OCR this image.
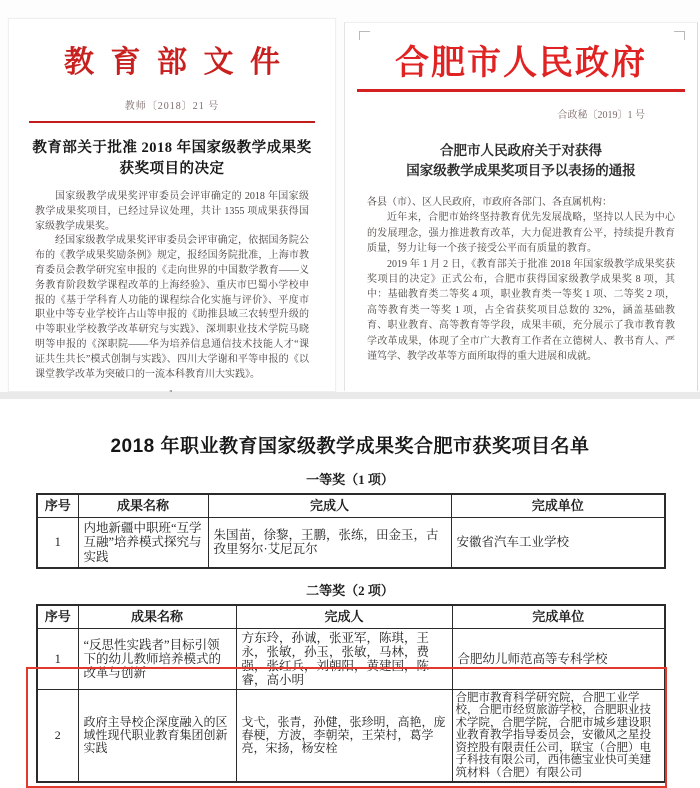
教育部文件
教师〔2018〕21 号
教育部关于批准 2018 年国家级教学成果奖
获奖项目的决定

国家级教学成果奖评审委员会评审确定的 2018 年国家级教学成果奖项目，已经过异议处理，共计 1355 项成果获得国家级教学成果奖。

经国家级教学成果奖评审委员会评审确定，依据国务院公布的《教学成果奖励条例》规定，报经国务院批准，上海市教育委员会教学研究室申报的《走向世界的中国数学教育——义务教育阶段数学课程改革的上海经验》、重庆市巴蜀小学校申报的《基于学科育人功能的课程综合化实施与评价》、平度市职业中等专业学校许占山等申报的《助推县域三农转型升级的中等职业学校教学改革研究与实践》、深圳职业技术学院马晓明等申报的《深职院——华为培养信息通信技术技能人才“课证共生共长”模式创制与实践》、四川大学谢和平等申报的《以课堂教学改革为突破口的一流本科教育川大实践》。

合肥市人民政府
合政秘〔2019〕1 号
合肥市人民政府关于对获得
国家级教学成果奖项目予以表扬的通报

各县（市）、区人民政府，市政府各部门、各直属机构：

近年来，合肥市始终坚持教育优先发展战略，坚持以人民为中心的发展理念，强力推进教育改革，大力促进教育公平，持续提升教育质量，努力让每一个孩子接受公平而有质量的教育。

2019 年 1 月 2 日，《教育部关于批准 2018 年国家级教学成果奖获奖项目的决定》正式公布，合肥市获得国家级教学成果奖 8 项，其中：基础教育类二等奖 4 项，职业教育类一等奖 1 项、二等奖 2 项，高等教育类一等奖 1 项，占全省获奖项目总数的 32%，涵盖基础教育、职业教育、高等教育等学段，成果丰硕，充分展示了我市教育教学改革成果，体现了全市广大教育工作者在立德树人、教书育人、严谨笃学、教学改革等方面所取得的重大进展和成就。

2018 年职业教育国家级教学成果奖合肥市获奖项目名单
一等奖（1 项）
序号	成果名称	完成人	完成单位
1	内地新疆中职班“互学互融”培养模式探究与实践	朱国苗，徐黎，王鹏，张练，田金玉，古孜里努尔·艾尼瓦尔	安徽省汽车工业学校
二等奖（2 项）
序号	成果名称	完成人	完成单位
1	“反思性实践者”目标引领下的幼儿教师培养模式的改革与创新	方东玲，孙诚，张亚军，陈琪，王永，张敏，孙玉，张敏，马林，费强，张红兵，刘朝阳，黄建国，陈睿，高小明	合肥幼儿师范高等专科学校
2	政府主导校企深度融入的区域性现代职业教育集团创新实践	戈弋，张青，孙健，张珍明，高艳，庞春梗，方波，李朝荣，王荣村，葛学亮，宋扬，杨安栓	合肥市教育科学研究院，合肥工业学校，合肥市经贸旅游学校，合肥职业技术学院，合肥学院，合肥市城乡建设职业教育教学指导委员会，安徽风之星投资控股有限责任公司，联宝（合肥）电子科技有限公司，西伟德宝业快可美建筑材料（合肥）有限公司
